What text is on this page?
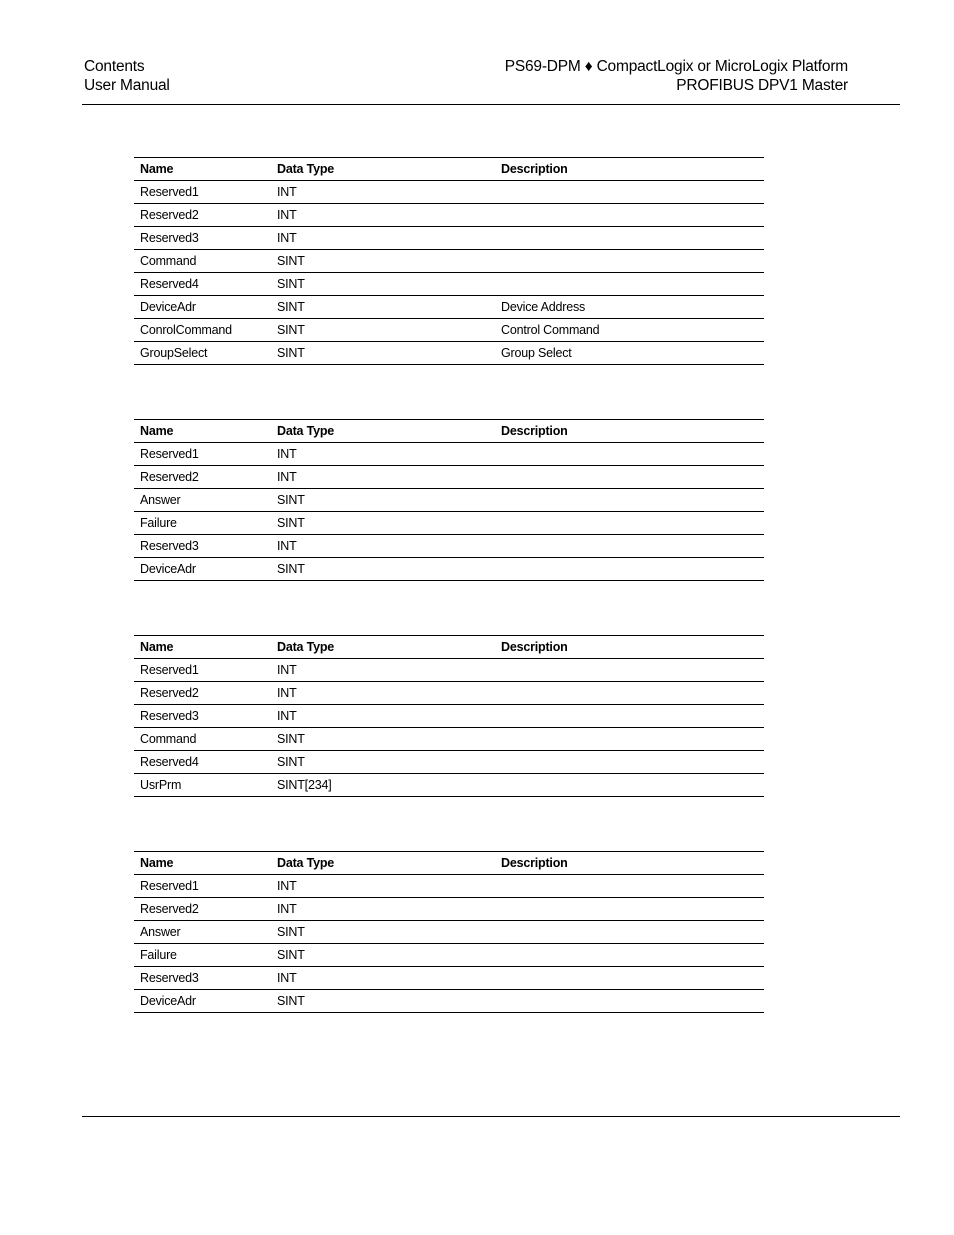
Contents
User Manual
PS69-DPM ♦ CompactLogix or MicroLogix Platform
PROFIBUS DPV1 Master
Name	Data Type	Description
Reserved1	INT	
Reserved2	INT	
Reserved3	INT	
Command	SINT	
Reserved4	SINT	
DeviceAdr	SINT	Device Address
ConrolCommand	SINT	Control Command
GroupSelect	SINT	Group Select
Name	Data Type	Description
Reserved1	INT	
Reserved2	INT	
Answer	SINT	
Failure	SINT	
Reserved3	INT	
DeviceAdr	SINT	
Name	Data Type	Description
Reserved1	INT	
Reserved2	INT	
Reserved3	INT	
Command	SINT	
Reserved4	SINT	
UsrPrm	SINT[234]	
Name	Data Type	Description
Reserved1	INT	
Reserved2	INT	
Answer	SINT	
Failure	SINT	
Reserved3	INT	
DeviceAdr	SINT	
